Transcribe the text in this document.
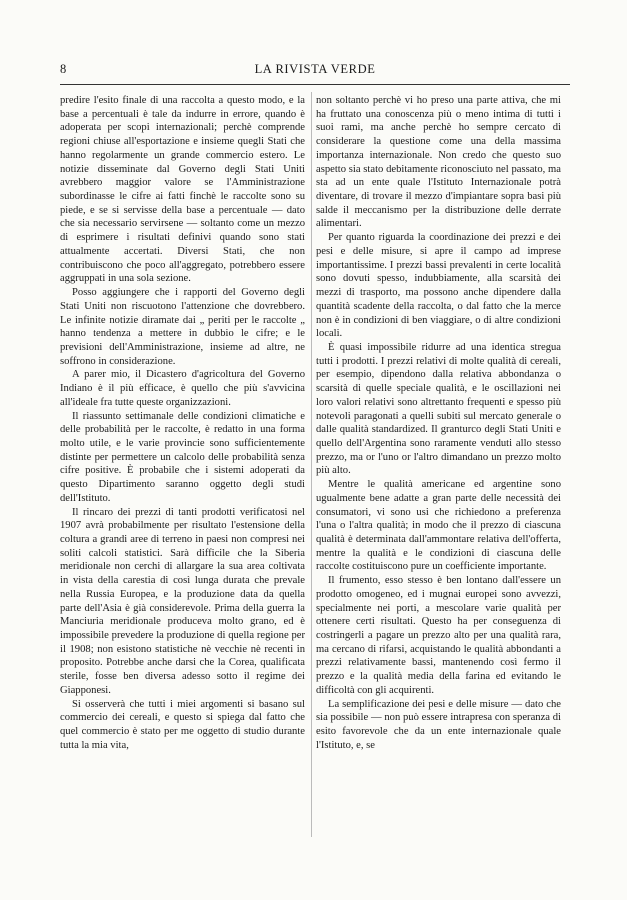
8	LA RIVISTA VERDE

predire l'esito finale di una raccolta a questo modo, e la base a percentuali è tale da indurre in errore, quando è adoperata per scopi internazionali; perchè comprende regioni chiuse all'esportazione e insieme quegli Stati che hanno regolarmente un grande commercio estero. Le notizie disseminate dal Governo degli Stati Uniti avrebbero maggior valore se l'Amministrazione subordinasse le cifre ai fatti finchè le raccolte sono su piede, e se si servisse della base a percentuale — dato che sia necessario servirsene — soltanto come un mezzo di esprimere i risultati definivi quando sono stati attualmente accertati. Diversi Stati, che non contribuiscono che poco all'aggregato, potrebbero essere aggruppati in una sola sezione.

Posso aggiungere che i rapporti del Governo degli Stati Uniti non riscuotono l'attenzione che dovrebbero. Le infinite notizie diramate dai „ periti per le raccolte „ hanno tendenza a mettere in dubbio le cifre; e le previsioni dell'Amministrazione, insieme ad altre, ne soffrono in considerazione.

A parer mio, il Dicastero d'agricoltura del Governo Indiano è il più efficace, è quello che più s'avvicina all'ideale fra tutte queste organizzazioni.

Il riassunto settimanale delle condizioni climatiche e delle probabilità per le raccolte, è redatto in una forma molto utile, e le varie provincie sono sufficientemente distinte per permettere un calcolo delle probabilità senza cifre positive. È probabile che i sistemi adoperati da questo Dipartimento saranno oggetto degli studi dell'Istituto.

Il rincaro dei prezzi di tanti prodotti verificatosi nel 1907 avrà probabilmente per risultato l'estensione della coltura a grandi aree di terreno in paesi non compresi nei soliti calcoli statistici. Sarà difficile che la Siberia meridionale non cerchi di allargare la sua area coltivata in vista della carestia di così lunga durata che prevale nella Russia Europea, e la produzione data da quella parte dell'Asia è già considerevole. Prima della guerra la Manciuria meridionale produceva molto grano, ed è impossibile prevedere la produzione di quella regione per il 1908; non esistono statistiche nè vecchie nè recenti in proposito. Potrebbe anche darsi che la Corea, qualificata sterile, fosse ben diversa adesso sotto il regime dei Giapponesi.

Si osserverà che tutti i miei argomenti si basano sul commercio dei cereali, e questo si spiega dal fatto che quel commercio è stato per me oggetto di studio durante tutta la mia vita,

non soltanto perchè vi ho preso una parte attiva, che mi ha fruttato una conoscenza più o meno intima di tutti i suoi rami, ma anche perchè ho sempre cercato di considerare la questione come una della massima importanza internazionale. Non credo che questo suo aspetto sia stato debitamente riconosciuto nel passato, ma sta ad un ente quale l'Istituto Internazionale potrà diventare, di trovare il mezzo d'impiantare sopra basi più salde il meccanismo per la distribuzione delle derrate alimentari.

Per quanto riguarda la coordinazione dei prezzi e dei pesi e delle misure, si apre il campo ad imprese importantissime. I prezzi bassi prevalenti in certe località sono dovuti spesso, indubbiamente, alla scarsità dei mezzi di trasporto, ma possono anche dipendere dalla quantità scadente della raccolta, o dal fatto che la merce non è in condizioni di ben viaggiare, o di altre condizioni locali.

È quasi impossibile ridurre ad una identica stregua tutti i prodotti. I prezzi relativi di molte qualità di cereali, per esempio, dipendono dalla relativa abbondanza o scarsità di quelle speciale qualità, e le oscillazioni nei loro valori relativi sono altrettanto frequenti e spesso più notevoli paragonati a quelli subiti sul mercato generale o dalle qualità standardized. Il granturco degli Stati Uniti e quello dell'Argentina sono raramente venduti allo stesso prezzo, ma or l'uno or l'altro dimandano un prezzo molto più alto.

Mentre le qualità americane ed argentine sono ugualmente bene adatte a gran parte delle necessità dei consumatori, vi sono usi che richiedono a preferenza l'una o l'altra qualità; in modo che il prezzo di ciascuna qualità è determinata dall'ammontare relativa dell'offerta, mentre la qualità e le condizioni di ciascuna delle raccolte costituiscono pure un coefficiente importante.

Il frumento, esso stesso è ben lontano dall'essere un prodotto omogeneo, ed i mugnai europei sono avvezzi, specialmente nei porti, a mescolare varie qualità per ottenere certi risultati. Questo ha per conseguenza di costringerli a pagare un prezzo alto per una qualità rara, ma cercano di rifarsi, acquistando le qualità abbondanti a prezzi relativamente bassi, mantenendo così fermo il prezzo e la qualità media della farina ed evitando le difficoltà con gli acquirenti.

La semplificazione dei pesi e delle misure — dato che sia possibile — non può essere intrapresa con speranza di esito favorevole che da un ente internazionale quale l'Istituto, e, se
